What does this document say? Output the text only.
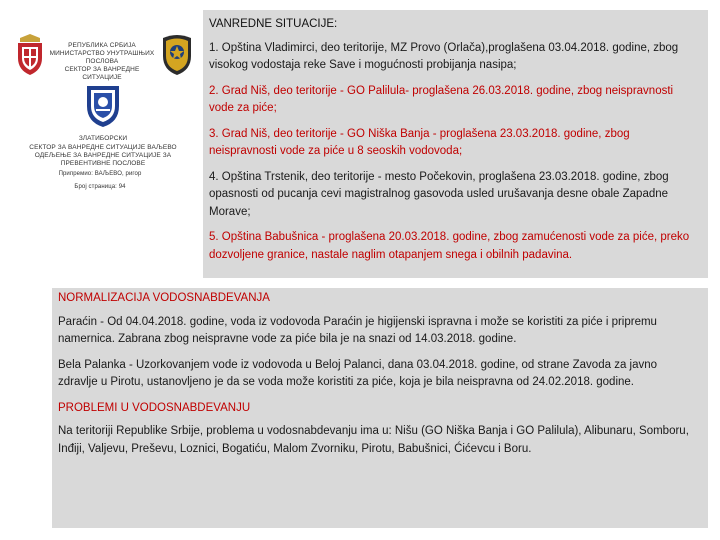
РЕПУБЛИКА СРБИЈА
МИНИСТАРСТВО УНУТРАШЊИХ ПОСЛОВА
СЕКТОР ЗА ВАНРЕДНЕ СИТУАЦИЈЕ
ЗЛАТИБОРСКИ
СЕКТОР ЗА ВАНРЕДНЕ СИТУАЦИЈЕ ВАЉЕВО
ОДЕЉЕЊЕ ЗА ВАНРЕДНЕ СИТУАЦИЈЕ ЗА ПРЕВЕНТИВНЕ ПОСЛОВЕ
Припремио: ВАЉЕВО, ригор
Број страница: 94
VANREDNE SITUACIJE:
1. Opština Vladimirci, deo teritorije, MZ Provo (Orlača),proglašena 03.04.2018. godine, zbog visokog vodostaja reke Save i mogućnosti probijanja nasipa;
2. Grad Niš, deo teritorije - GO Palilula- proglašena 26.03.2018. godine, zbog neispravnosti vode za piće;
3. Grad Niš, deo teritorije - GO Niška Banja - proglašena 23.03.2018. godine, zbog neispravnosti vode za piće u 8 seoskih vodovoda;
4. Opština Trstenik, deo teritorije - mesto Počekovin, proglašena 23.03.2018. godine, zbog opasnosti od pucanja cevi magistralnog gasovoda usled urušavanja desne obale Zapadne Morave;
5. Opština Babušnica - proglašena 20.03.2018. godine, zbog zamućenosti vode za piće, preko dozvoljene granice, nastale naglim otapanjem snega i obilnih padavina.
NORMALIZACIJA VODOSNABDEVANJA
Paraćin - Od 04.04.2018. godine, voda iz vodovoda Paraćin je higijenski ispravna i može se koristiti za piće i pripremu namernica. Zabrana zbog neispravne vode za piće bila je na snazi od 14.03.2018. godine.
Bela Palanka - Uzorkovanjem vode iz vodovoda u Beloj Palanci, dana 03.04.2018. godine, od strane Zavoda za javno zdravlje u Pirotu, ustanovljeno je da se voda može koristiti za piće, koja je bila neispravna od 24.02.2018. godine.
PROBLEMI U VODOSNABDEVANJU
Na teritoriji Republike Srbije, problema u vodosnabdevanju ima u: Nišu (GO Niška Banja i GO Palilula), Alibunaru, Somboru, Inđiji, Valjevu, Preševu, Loznici, Bogatiću, Malom Zvorniku, Pirotu, Babušnici, Ćićevcu i Boru.
